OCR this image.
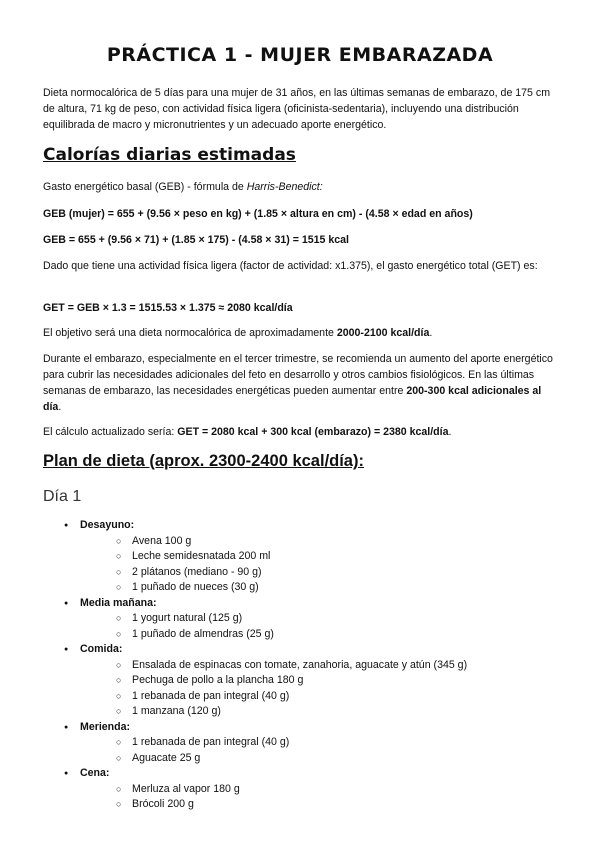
PRÁCTICA 1 - MUJER EMBARAZADA

Dieta normocalórica de 5 días para una mujer de 31 años, en las últimas semanas de embarazo, de 175 cm de altura, 71 kg de peso, con actividad física ligera (oficinista-sedentaria), incluyendo una distribución equilibrada de macro y micronutrientes y un adecuado aporte energético.

Calorías diarias estimadas

Gasto energético basal (GEB) - fórmula de Harris-Benedict:

GEB (mujer) = 655 + (9.56 × peso en kg) + (1.85 × altura en cm) - (4.58 × edad en años)

GEB = 655 + (9.56 × 71) + (1.85 × 175) - (4.58 × 31) = 1515 kcal

Dado que tiene una actividad física ligera (factor de actividad: x1.375), el gasto energético total (GET) es:

GET = GEB × 1.3 = 1515.53 × 1.375 ≈ 2080 kcal/día

El objetivo será una dieta normocalórica de aproximadamente 2000-2100 kcal/día.

Durante el embarazo, especialmente en el tercer trimestre, se recomienda un aumento del aporte energético para cubrir las necesidades adicionales del feto en desarrollo y otros cambios fisiológicos. En las últimas semanas de embarazo, las necesidades energéticas pueden aumentar entre 200-300 kcal adicionales al día.

El cálculo actualizado sería: GET = 2080 kcal + 300 kcal (embarazo) = 2380 kcal/día.

Plan de dieta (aprox. 2300-2400 kcal/día):
Día 1
● Desayuno:
○ Avena 100 g
○ Leche semidesnatada 200 ml
○ 2 plátanos (mediano - 90 g)
○ 1 puñado de nueces (30 g)
● Media mañana:
○ 1 yogurt natural (125 g)
○ 1 puñado de almendras (25 g)
● Comida:
○ Ensalada de espinacas con tomate, zanahoria, aguacate y atún (345 g)
○ Pechuga de pollo a la plancha 180 g
○ 1 rebanada de pan integral (40 g)
○ 1 manzana (120 g)
● Merienda:
○ 1 rebanada de pan integral (40 g)
○ Aguacate 25 g
● Cena:
○ Merluza al vapor 180 g
○ Brócoli 200 g
